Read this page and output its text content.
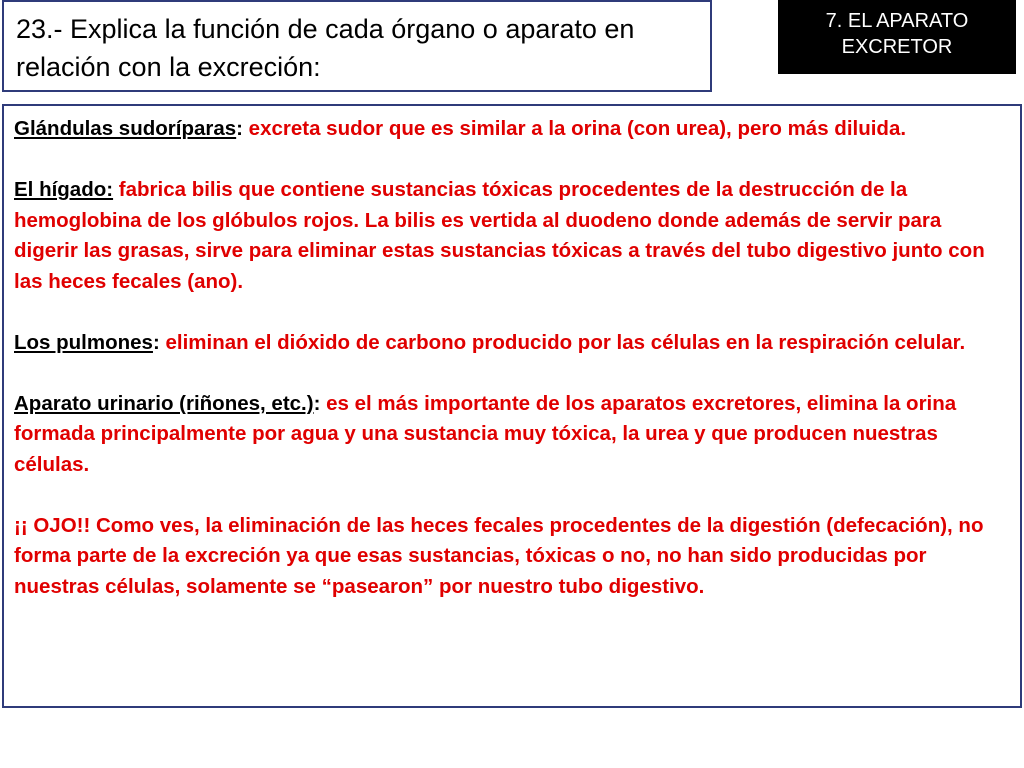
23.- Explica la función de cada órgano o aparato en relación con la excreción:
7. EL APARATO
EXCRETOR

Glándulas sudoríparas: excreta sudor que es similar a la orina (con urea), pero más diluida.

El hígado: fabrica bilis que contiene sustancias tóxicas procedentes de la destrucción de la hemoglobina de los glóbulos rojos. La bilis es vertida al duodeno donde además de servir para digerir las grasas, sirve para eliminar estas sustancias tóxicas a través del tubo digestivo junto con las heces fecales (ano).

Los pulmones: eliminan el dióxido de carbono producido por las células en la respiración celular.

Aparato urinario (riñones, etc.): es el más importante de los aparatos excretores, elimina la orina formada principalmente por agua y una sustancia muy tóxica, la urea y que producen nuestras células.

¡¡ OJO!! Como ves, la eliminación de las heces fecales procedentes de la digestión (defecación), no forma parte de la excreción ya que esas sustancias, tóxicas o no, no han sido producidas por nuestras células, solamente se “pasearon” por nuestro tubo digestivo.
